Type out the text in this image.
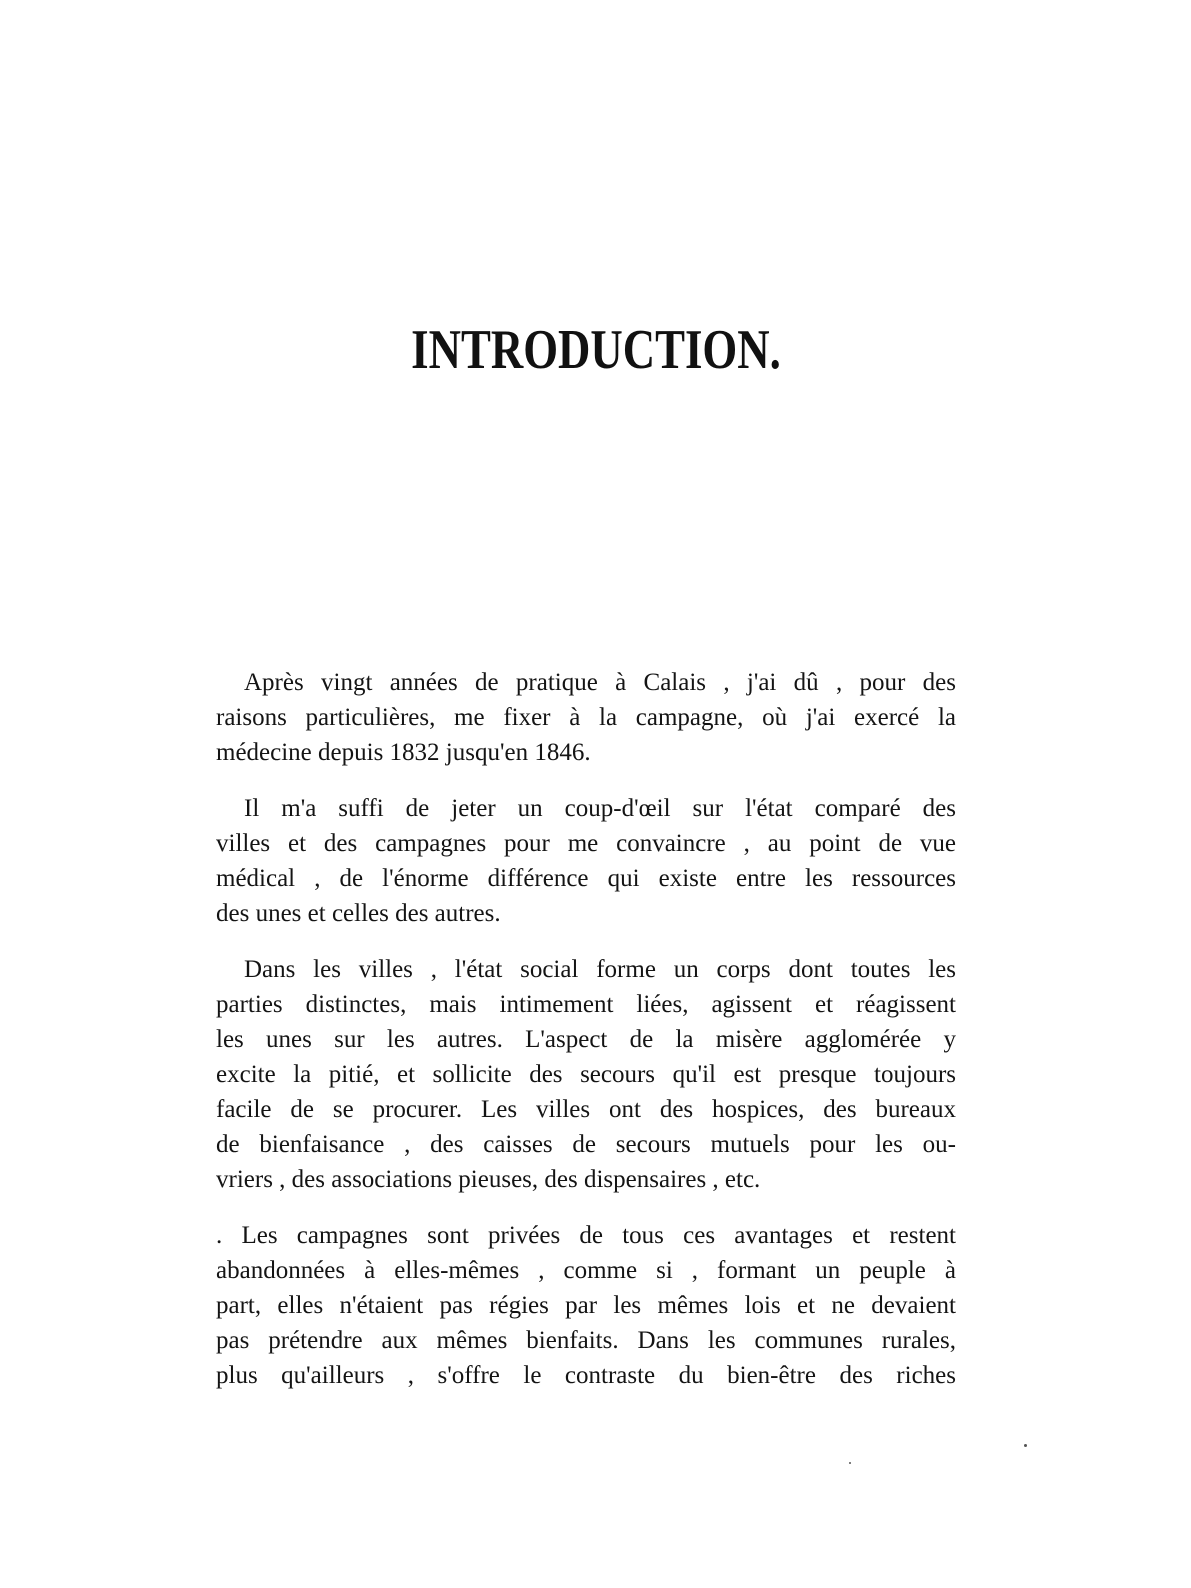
INTRODUCTION.

Après vingt années de pratique à Calais , j'ai dû , pour des
raisons particulières, me fixer à la campagne, où j'ai exercé la
médecine depuis 1832 jusqu'en 1846.

Il m'a suffi de jeter un coup-d'œil sur l'état comparé des
villes et des campagnes pour me convaincre , au point de vue
médical , de l'énorme différence qui existe entre les ressources
des unes et celles des autres.

Dans les villes , l'état social forme un corps dont toutes les
parties distinctes, mais intimement liées, agissent et réagissent
les unes sur les autres. L'aspect de la misère agglomérée y
excite la pitié, et sollicite des secours qu'il est presque toujours
facile de se procurer. Les villes ont des hospices, des bureaux
de bienfaisance , des caisses de secours mutuels pour les ou-
vriers , des associations pieuses, des dispensaires , etc.

. Les campagnes sont privées de tous ces avantages et restent
abandonnées à elles-mêmes , comme si , formant un peuple à
part, elles n'étaient pas régies par les mêmes lois et ne devaient
pas prétendre aux mêmes bienfaits. Dans les communes rurales,
plus qu'ailleurs , s'offre le contraste du bien-être des riches
